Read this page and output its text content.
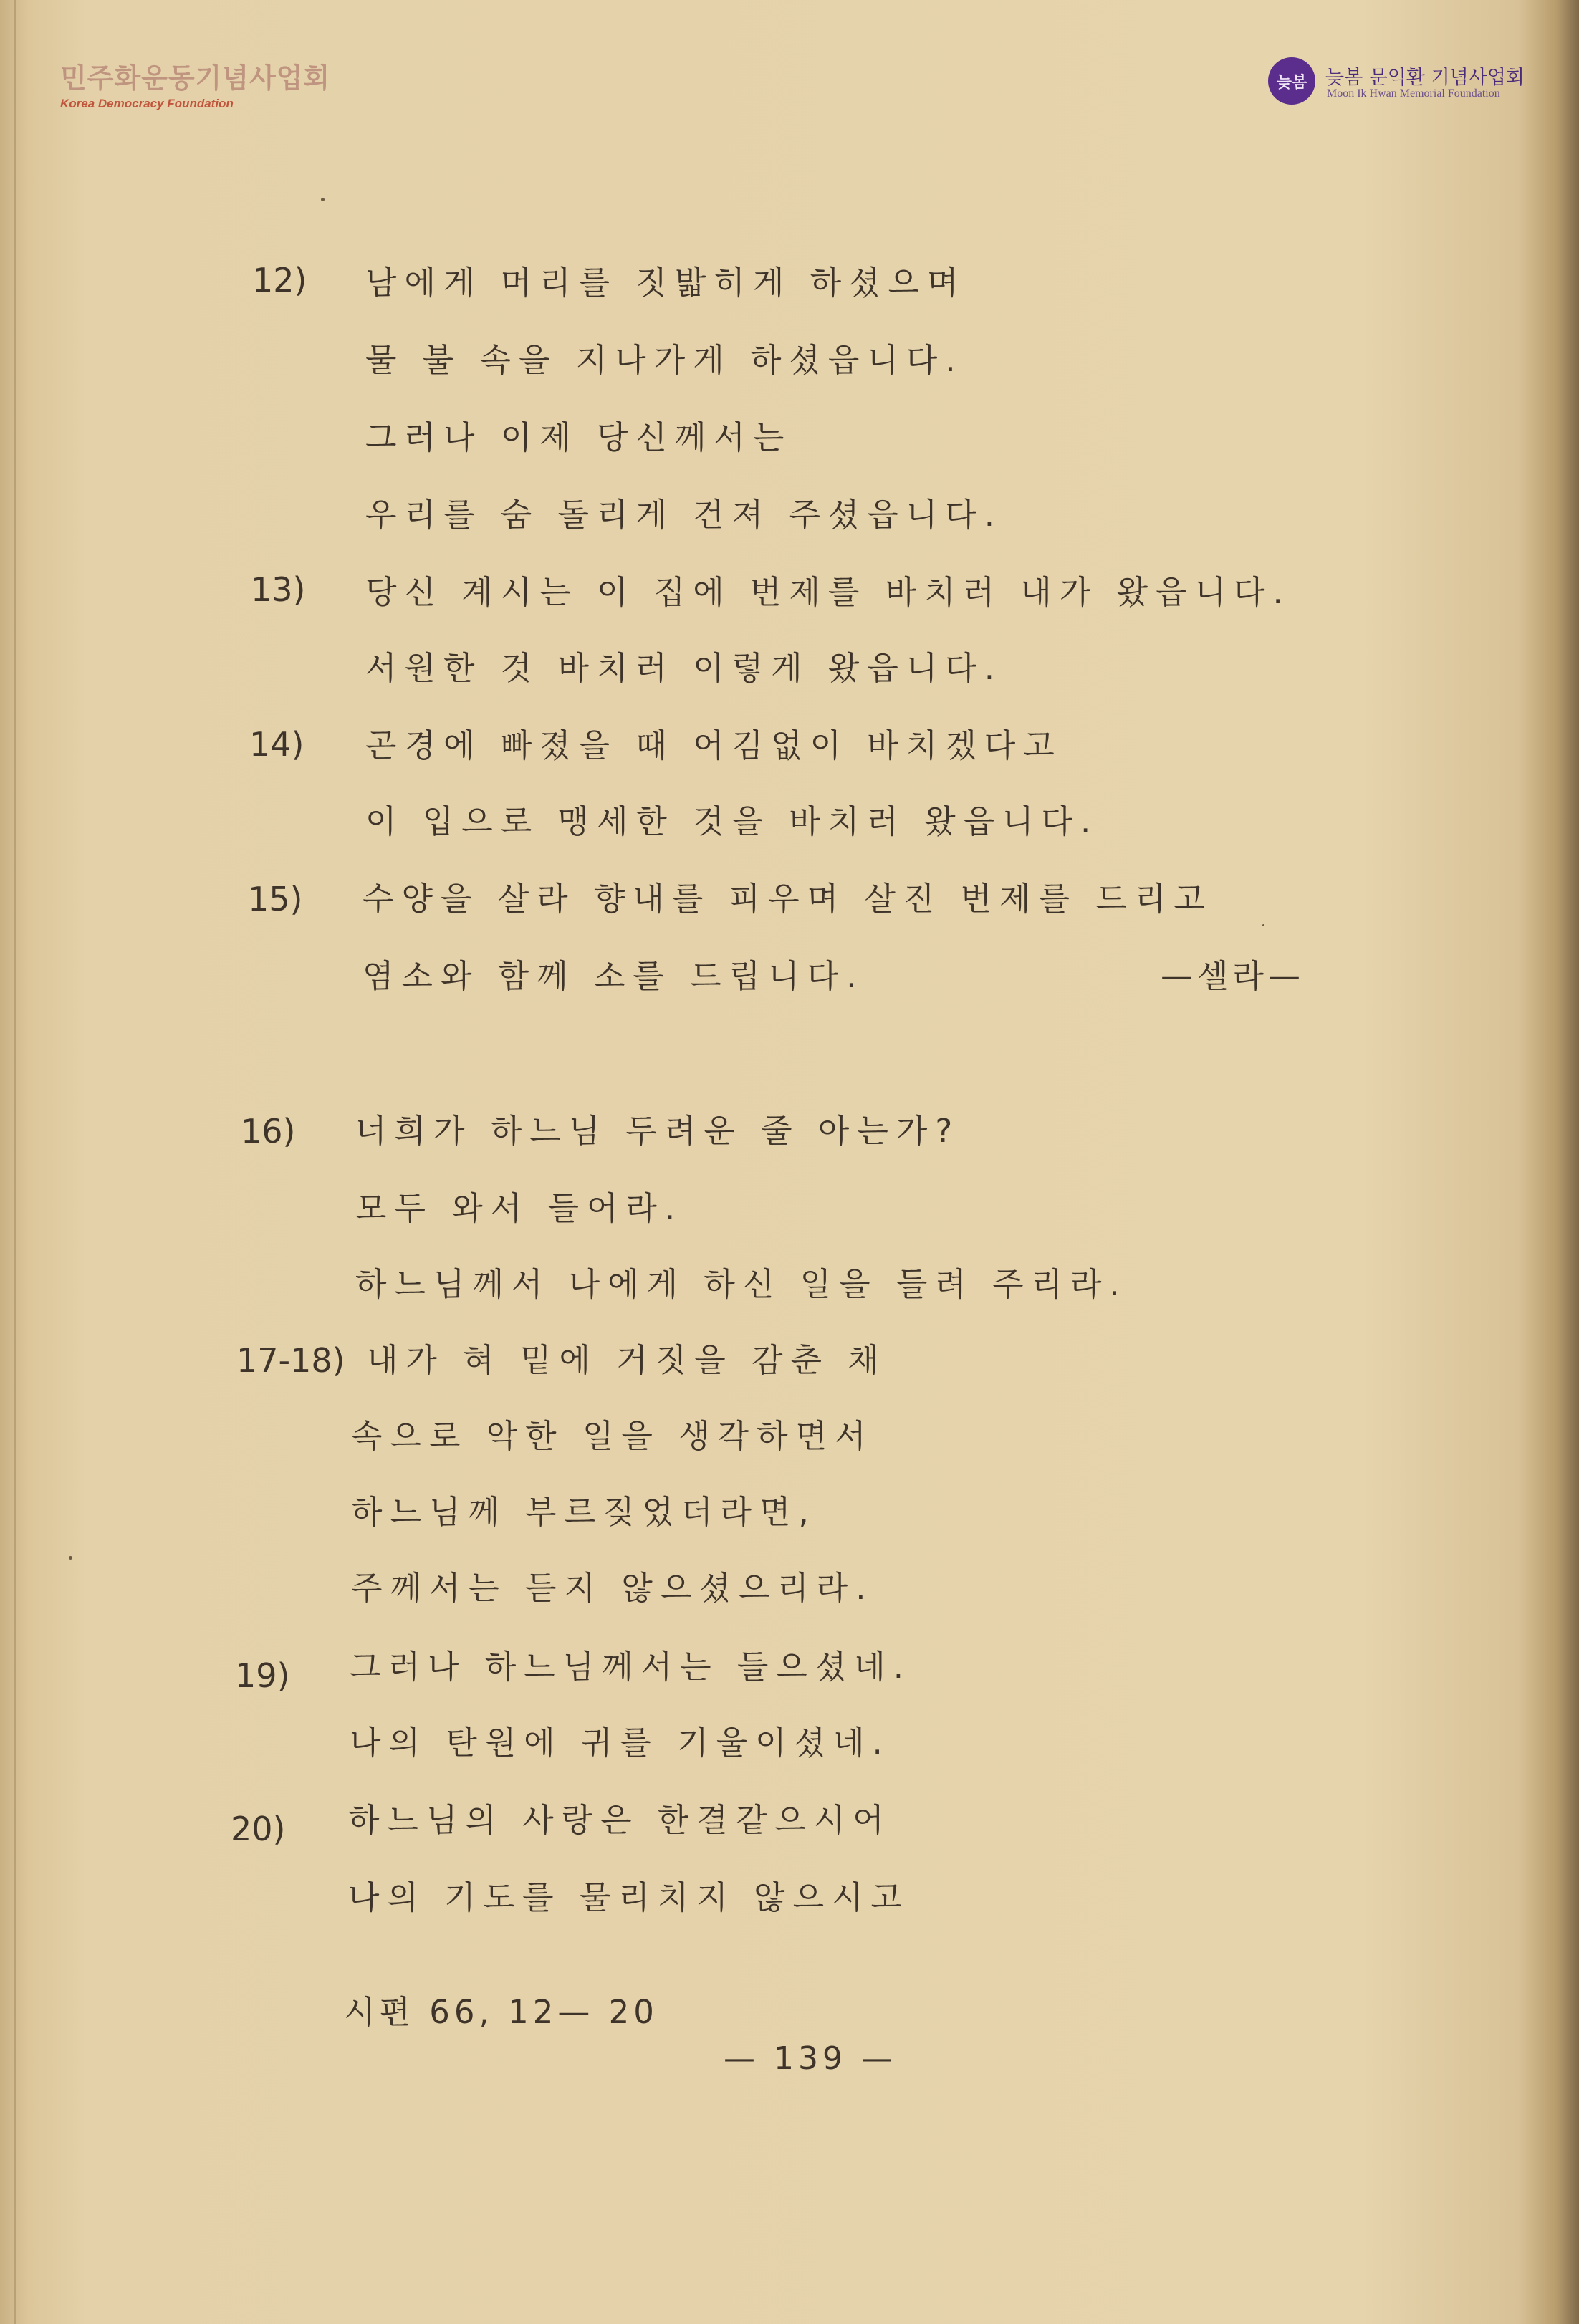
민주화운동기념사업회
Korea Democracy Foundation
늦봄 늦봄 문익환 기념사업회
Moon Ik Hwan Memorial Foundation
12) 남에게 머리를 짓밟히게 하셨으며
물 불 속을 지나가게 하셨읍니다.
그러나 이제 당신께서는
우리를 숨 돌리게 건져 주셨읍니다.
13) 당신 계시는 이 집에 번제를 바치러 내가 왔읍니다.
서원한 것 바치러 이렇게 왔읍니다.
14) 곤경에 빠졌을 때 어김없이 바치겠다고
이 입으로 맹세한 것을 바치러 왔읍니다.
15) 수양을 살라 향내를 피우며 살진 번제를 드리고
염소와 함께 소를 드립니다.	—셀라—
16) 너희가 하느님 두려운 줄 아는가?
모두 와서 들어라.
하느님께서 나에게 하신 일을 들려 주리라.
17-18) 내가 혀 밑에 거짓을 감춘 채
속으로 악한 일을 생각하면서
하느님께 부르짖었더라면,
주께서는 듣지 않으셨으리라.
19) 그러나 하느님께서는 들으셨네.
나의 탄원에 귀를 기울이셨네.
20) 하느님의 사랑은 한결같으시어
나의 기도를 물리치지 않으시고
시편 66, 12— 20
— 139 —
